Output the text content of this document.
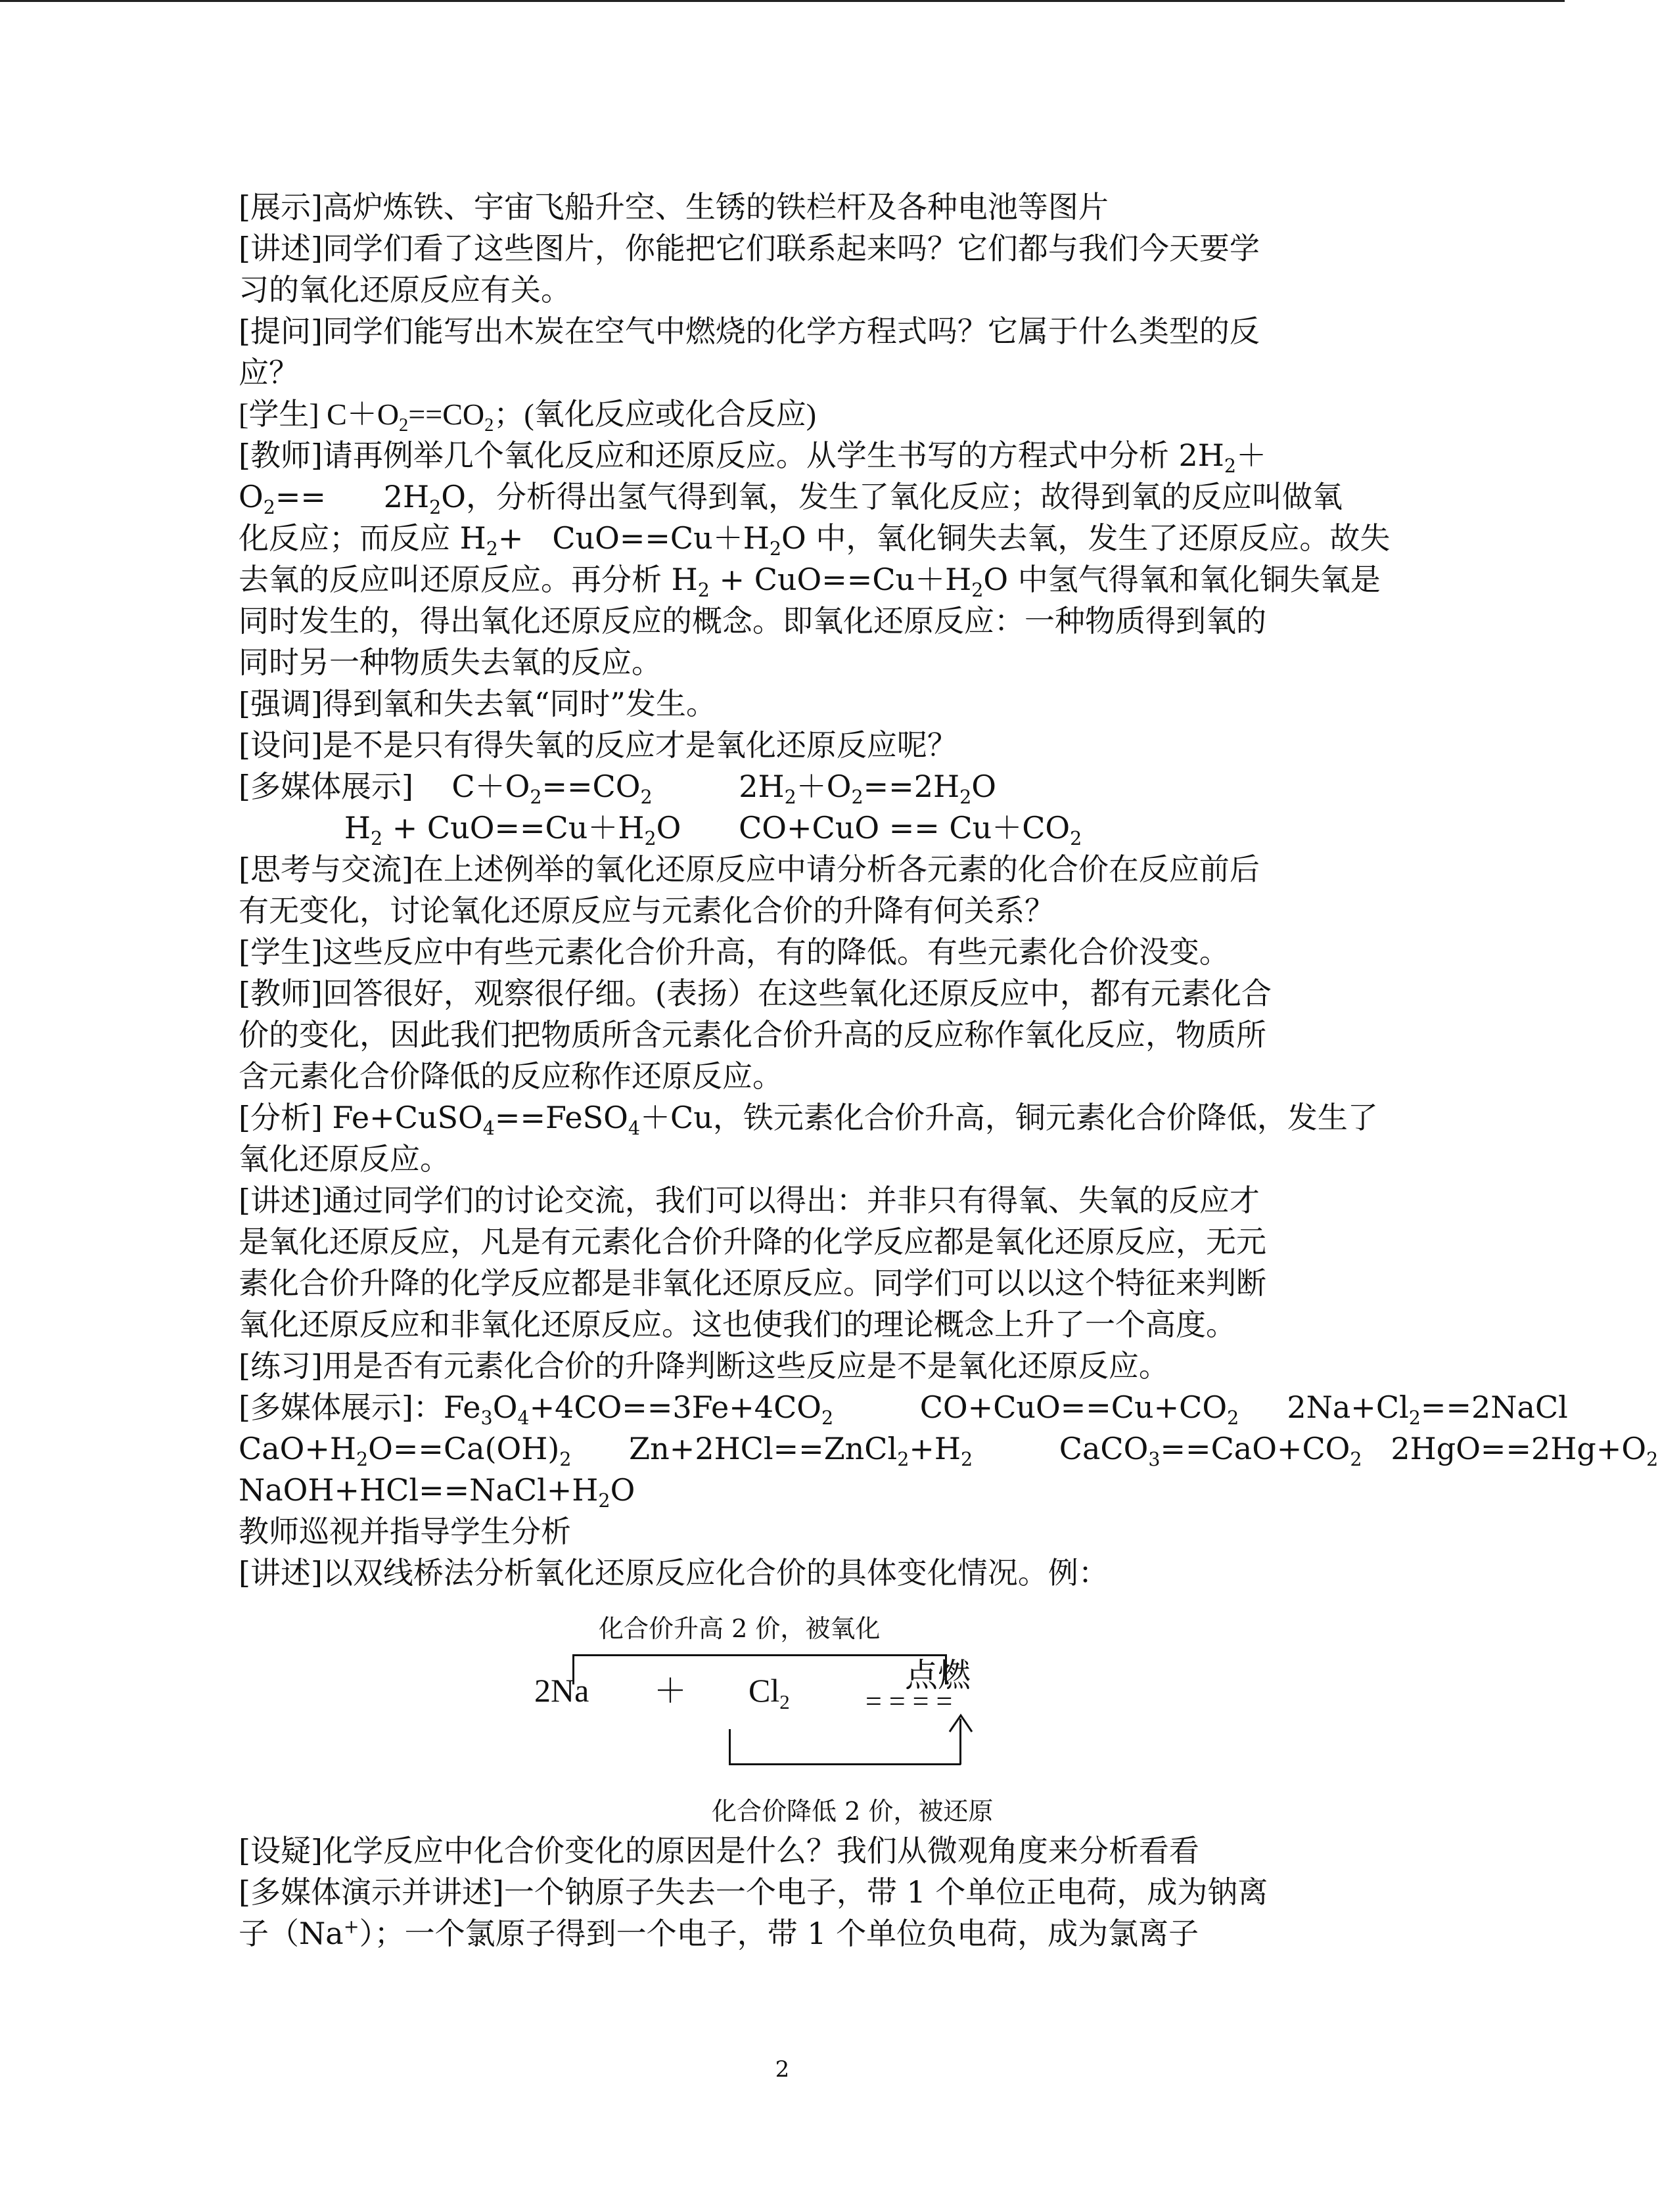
[展示]高炉炼铁、宇宙飞船升空、生锈的铁栏杆及各种电池等图片
[讲述]同学们看了这些图片，你能把它们联系起来吗？它们都与我们今天要学
习的氧化还原反应有关。
[提问]同学们能写出木炭在空气中燃烧的化学方程式吗？它属于什么类型的反
应？
[学生] $C+O_2==CO_2$；(氧化反应或化合反应)
[教师]请再例举几个氧化反应和还原反应。从学生书写的方程式中分析 $2H_2+$
$O_2==$      $2H_2O$，分析得出氢气得到氧，发生了氧化反应；故得到氧的反应叫做氧
化反应；而反应 $H_2+ CuO==Cu+H_2O$ 中，氧化铜失去氧，发生了还原反应。故失
去氧的反应叫还原反应。再分析 $H_2 + CuO==Cu+H_2O$ 中氢气得氧和氧化铜失氧是
同时发生的，得出氧化还原反应的概念。即氧化还原反应：一种物质得到氧的
同时另一种物质失去氧的反应。
[强调]得到氧和失去氧“同时”发生。
[设问]是不是只有得失氧的反应才是氧化还原反应呢？
[多媒体展示]    $C+O_2==CO_2$         $2H_2+O_2==2H_2O$
$H_2 + CuO==Cu+H_2O$      $CO+CuO == Cu+CO_2$
[思考与交流]在上述例举的氧化还原反应中请分析各元素的化合价在反应前后
有无变化，讨论氧化还原反应与元素化合价的升降有何关系？
[学生]这些反应中有些元素化合价升高，有的降低。有些元素化合价没变。
[教师]回答很好，观察很仔细。(表扬）在这些氧化还原反应中，都有元素化合
价的变化，因此我们把物质所含元素化合价升高的反应称作氧化反应，物质所
含元素化合价降低的反应称作还原反应。
[分析] Fe+CuSO$_4$==FeSO$_4$＋Cu，铁元素化合价升高，铜元素化合价降低，发生了
氧化还原反应。
[讲述]通过同学们的讨论交流，我们可以得出：并非只有得氧、失氧的反应才
是氧化还原反应，凡是有元素化合价升降的化学反应都是氧化还原反应，无元
素化合价升降的化学反应都是非氧化还原反应。同学们可以以这个特征来判断
氧化还原反应和非氧化还原反应。这也使我们的理论概念上升了一个高度。
[练习]用是否有元素化合价的升降判断这些反应是不是氧化还原反应。
[多媒体展示]：$Fe_3O_4+4CO==3Fe+4CO_2$         $CO+CuO==Cu+CO_2$     $2Na+Cl_2==2NaCl$
$CaO+H_2O==Ca(OH)_2$      $Zn+2HCl==ZnCl_2+H_2$         $CaCO_3==CaO+CO_2$   $2HgO==2Hg+O_2$
$NaOH+HCl==NaCl+H_2O$
教师巡视并指导学生分析
[讲述]以双线桥法分析氧化还原反应化合价的具体变化情况。例：
化合价升高 2 价，被氧化
$2Na + Cl_2$
点燃
= = = =
化合价降低 2 价，被还原
[设疑]化学反应中化合价变化的原因是什么？我们从微观角度来分析看看
[多媒体演示并讲述]一个钠原子失去一个电子，带 1 个单位正电荷，成为钠离
子（Na+）；一个氯原子得到一个电子，带 1 个单位负电荷，成为氯离子
2
